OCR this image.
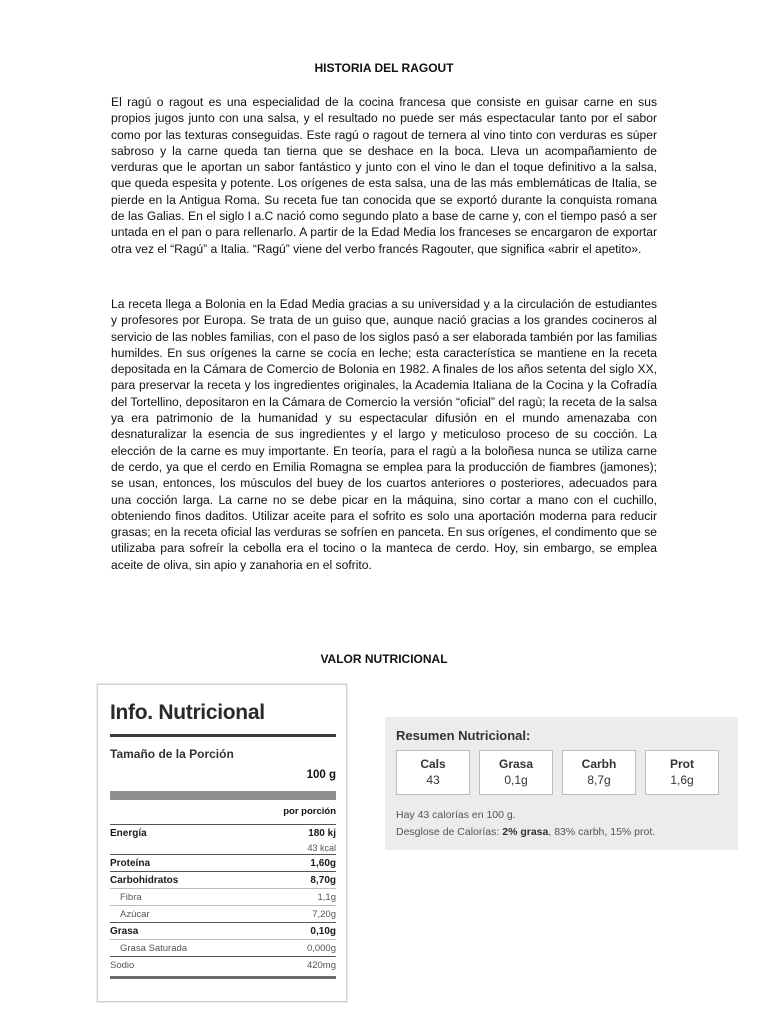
HISTORIA DEL RAGOUT

El ragú o ragout es una especialidad de la cocina francesa que consiste en guisar carne en sus propios jugos junto con una salsa, y el resultado no puede ser más espectacular tanto por el sabor como por las texturas conseguidas. Este ragú o ragout de ternera al vino tinto con verduras es súper sabroso y la carne queda tan tierna que se deshace en la boca. Lleva un acompañamiento de verduras que le aportan un sabor fantástico y junto con el vino le dan el toque definitivo a la salsa, que queda espesita y potente. Los orígenes de esta salsa, una de las más emblemáticas de Italia, se pierde en la Antigua Roma. Su receta fue tan conocida que se exportó durante la conquista romana de las Galias. En el siglo I a.C nació como segundo plato a base de carne y, con el tiempo pasó a ser untada en el pan o para rellenarlo. A partir de la Edad Media los franceses se encargaron de exportar otra vez el “Ragú” a Italia. “Ragú” viene del verbo francés Ragouter, que significa «abrir el apetito».

La receta llega a Bolonia en la Edad Media gracias a su universidad y a la circulación de estudiantes y profesores por Europa. Se trata de un guiso que, aunque nació gracias a los grandes cocineros al servicio de las nobles familias, con el paso de los siglos pasó a ser elaborada también por las familias humildes. En sus orígenes la carne se cocía en leche; esta característica se mantiene en la receta depositada en la Cámara de Comercio de Bolonia en 1982. A finales de los años setenta del siglo XX, para preservar la receta y los ingredientes originales, la Academia Italiana de la Cocina y la Cofradía del Tortellino, depositaron en la Cámara de Comercio la versión “oficial” del ragù; la receta de la salsa ya era patrimonio de la humanidad y su espectacular difusión en el mundo amenazaba con desnaturalizar la esencia de sus ingredientes y el largo y meticuloso proceso de su cocción. La elección de la carne es muy importante. En teoría, para el ragù a la boloñesa nunca se utiliza carne de cerdo, ya que el cerdo en Emilia Romagna se emplea para la producción de fiambres (jamones); se usan, entonces, los músculos del buey de los cuartos anteriores o posteriores, adecuados para una cocción larga. La carne no se debe picar en la máquina, sino cortar a mano con el cuchillo, obteniendo finos daditos. Utilizar aceite para el sofrito es solo una aportación moderna para reducir grasas; en la receta oficial las verduras se sofríen en panceta. En sus orígenes, el condimento que se utilizaba para sofreír la cebolla era el tocino o la manteca de cerdo. Hoy, sin embargo, se emplea aceite de oliva, sin apio y zanahoria en el sofrito.

VALOR NUTRICIONAL
Info. Nutricional
Tamaño de la Porción
100 g
por porción
Energía	180 kj
43 kcal
Proteína	1,60g
Carbohidratos	8,70g
Fibra	1,1g
Azúcar	7,20g
Grasa	0,10g
Grasa Saturada	0,000g
Sodio	420mg
Resumen Nutricional:
Cals
43
Grasa
0,1g
Carbh
8,7g
Prot
1,6g
Hay 43 calorías en 100 g.
Desglose de Calorías: 2% grasa, 83% carbh, 15% prot.
